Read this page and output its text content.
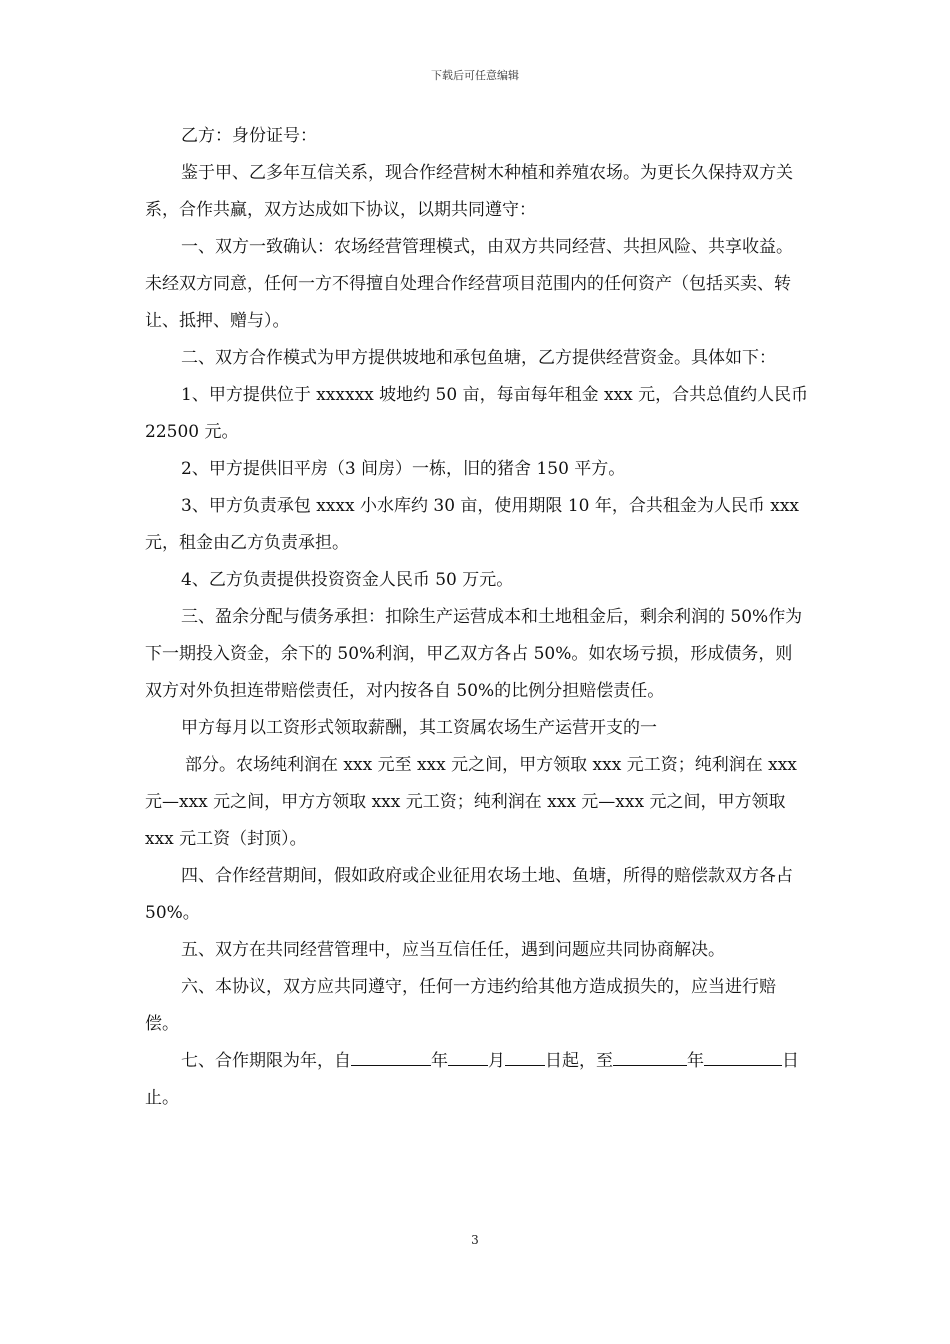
下载后可任意编辑

乙方：身份证号：

鉴于甲、乙多年互信关系，现合作经营树木种植和养殖农场。为更长久保持双方关系，合作共赢，双方达成如下协议，以期共同遵守：

一、双方一致确认：农场经营管理模式，由双方共同经营、共担风险、共享收益。未经双方同意，任何一方不得擅自处理合作经营项目范围内的任何资产（包括买卖、转让、抵押、赠与）。

二、双方合作模式为甲方提供坡地和承包鱼塘，乙方提供经营资金。具体如下：

1、甲方提供位于 xxxxxx 坡地约 50 亩，每亩每年租金 xxx 元，合共总值约人民币 22500 元。

2、甲方提供旧平房（3 间房）一栋，旧的猪舍 150 平方。

3、甲方负责承包 xxxx 小水库约 30 亩，使用期限 10 年，合共租金为人民币 xxx 元，租金由乙方负责承担。

4、乙方负责提供投资资金人民币 50 万元。

三、盈余分配与债务承担：扣除生产运营成本和土地租金后，剩余利润的 50%作为下一期投入资金，余下的 50%利润，甲乙双方各占 50%。如农场亏损，形成债务，则双方对外负担连带赔偿责任，对内按各自 50%的比例分担赔偿责任。

甲方每月以工资形式领取薪酬，其工资属农场生产运营开支的一

部分。农场纯利润在 xxx 元至 xxx 元之间，甲方领取 xxx 元工资；纯利润在 xxx 元—xxx 元之间，甲方方领取 xxx 元工资；纯利润在 xxx 元—xxx 元之间，甲方领取 xxx 元工资（封顶）。

四、合作经营期间，假如政府或企业征用农场土地、鱼塘，所得的赔偿款双方各占 50%。

五、双方在共同经营管理中，应当互信任任，遇到问题应共同协商解决。

六、本协议，双方应共同遵守，任何一方违约给其他方造成损失的，应当进行赔偿。

七、合作期限为年，自	年 月 日起，至	年	日止。

3
